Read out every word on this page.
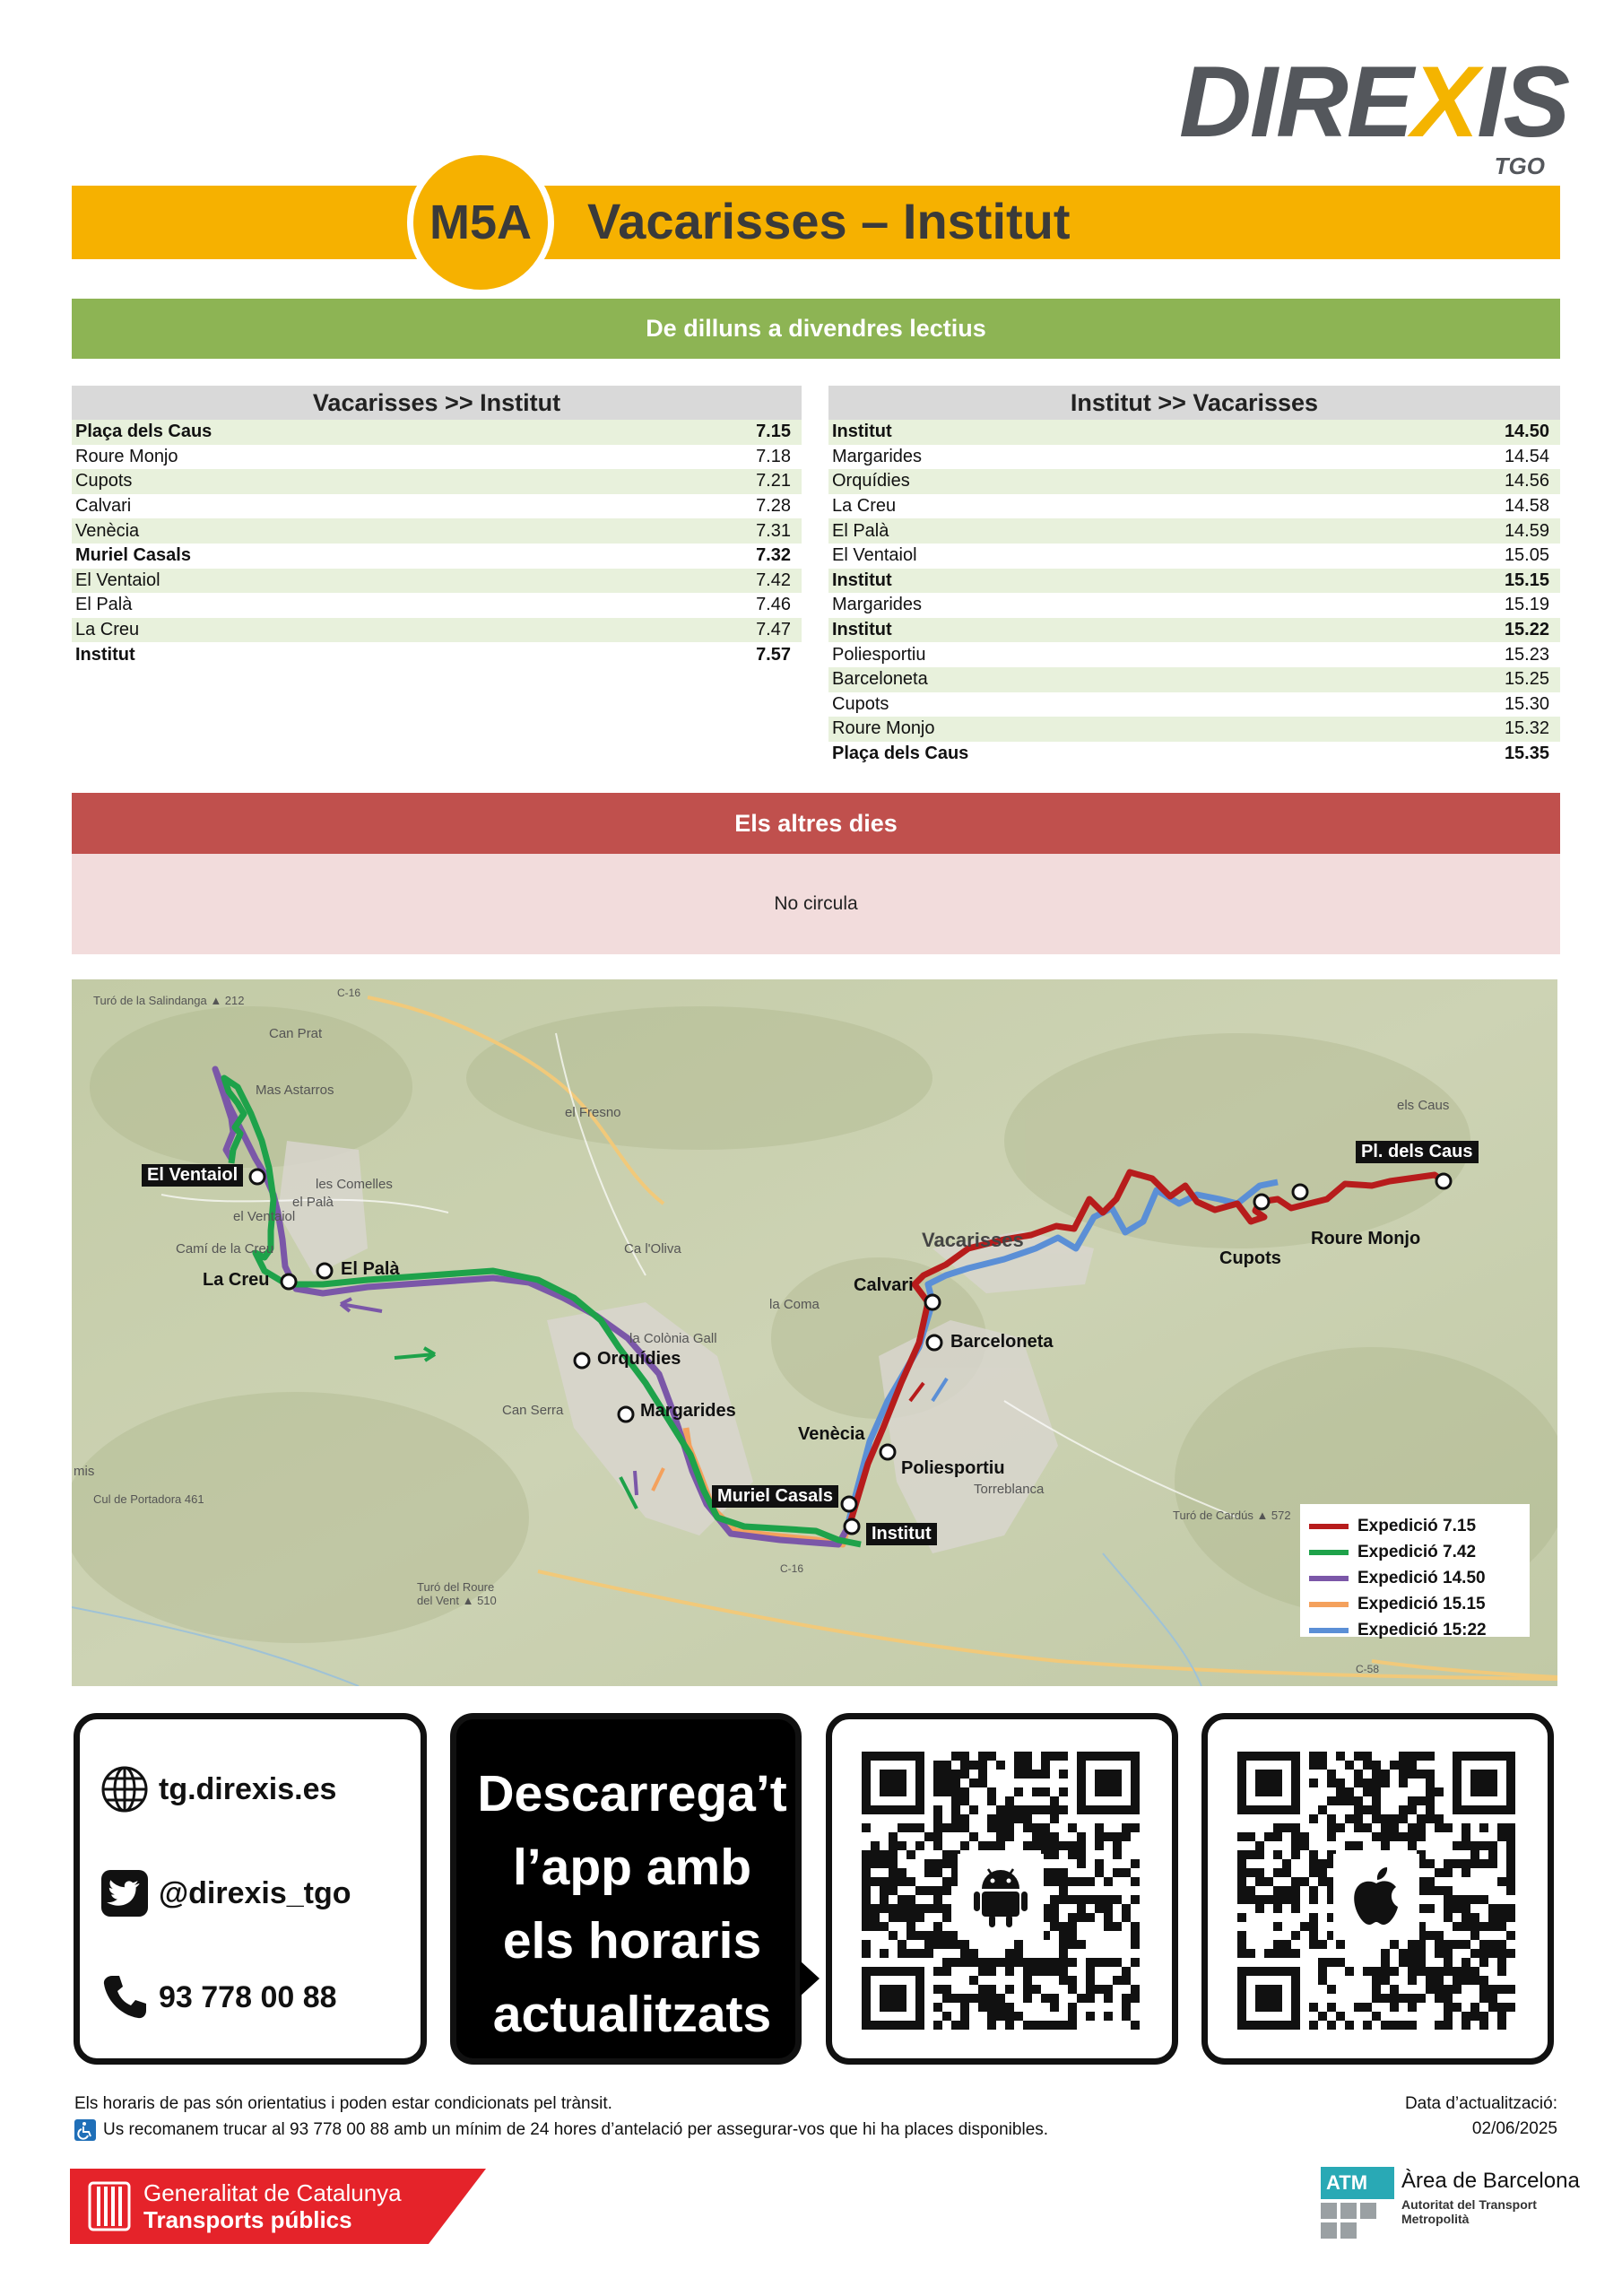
DIREXIS
TGO
M5A	Vacarisses – Institut
De dilluns a divendres lectius
Vacarisses >> Institut
Plaça dels Caus	7.15
Roure Monjo	7.18
Cupots	7.21
Calvari	7.28
Venècia	7.31
Muriel Casals	7.32
El Ventaiol	7.42
El Palà	7.46
La Creu	7.47
Institut	7.57
Institut >> Vacarisses
Institut	14.50
Margarides	14.54
Orquídies	14.56
La Creu	14.58
El Palà	14.59
El Ventaiol	15.05
Institut	15.15
Margarides	15.19
Institut	15.22
Poliesportiu	15.23
Barceloneta	15.25
Cupots	15.30
Roure Monjo	15.32
Plaça dels Caus	15.35
Els altres dies
No circula
Turó de la Salindanga ▲ 212
Can Prat
Mas Astarros
el Fresno
les Comelles
el Palà
el Ventaiol
Camí de la Creu	Ca l'Oliva
la Colònia Gall
la Coma
Can Serra
Vacarisses
els Caus
Torreblanca
Turó de Cardús ▲ 572
Cul de Portadora 461
Turó del Roure del Vent ▲ 510
mis
C-16
C-16
C-58
El Ventaiol
El Palà
La Creu
Orquídies
Margarides
Venècia
Poliesportiu
Muriel Casals
Institut
Calvari
Barceloneta
Cupots
Roure Monjo
Pl. dels Caus
Expedició 7.15
Expedició 7.42
Expedició 14.50
Expedició 15.15
Expedició 15:22
tg.direxis.es
@direxis_tgo
93 778 00 88
Descarrega’t
l’app amb
els horaris
actualitzats
Els horaris de pas són orientatius i poden estar condicionats pel trànsit.
Us recomanem trucar al 93 778 00 88 amb un mínim de 24 hores d’antelació per assegurar-vos que hi ha places disponibles.
Data d’actualització:
02/06/2025
Generalitat de Catalunya
Transports públics
ATM Àrea de Barcelona
Autoritat del Transport
Metropolità
